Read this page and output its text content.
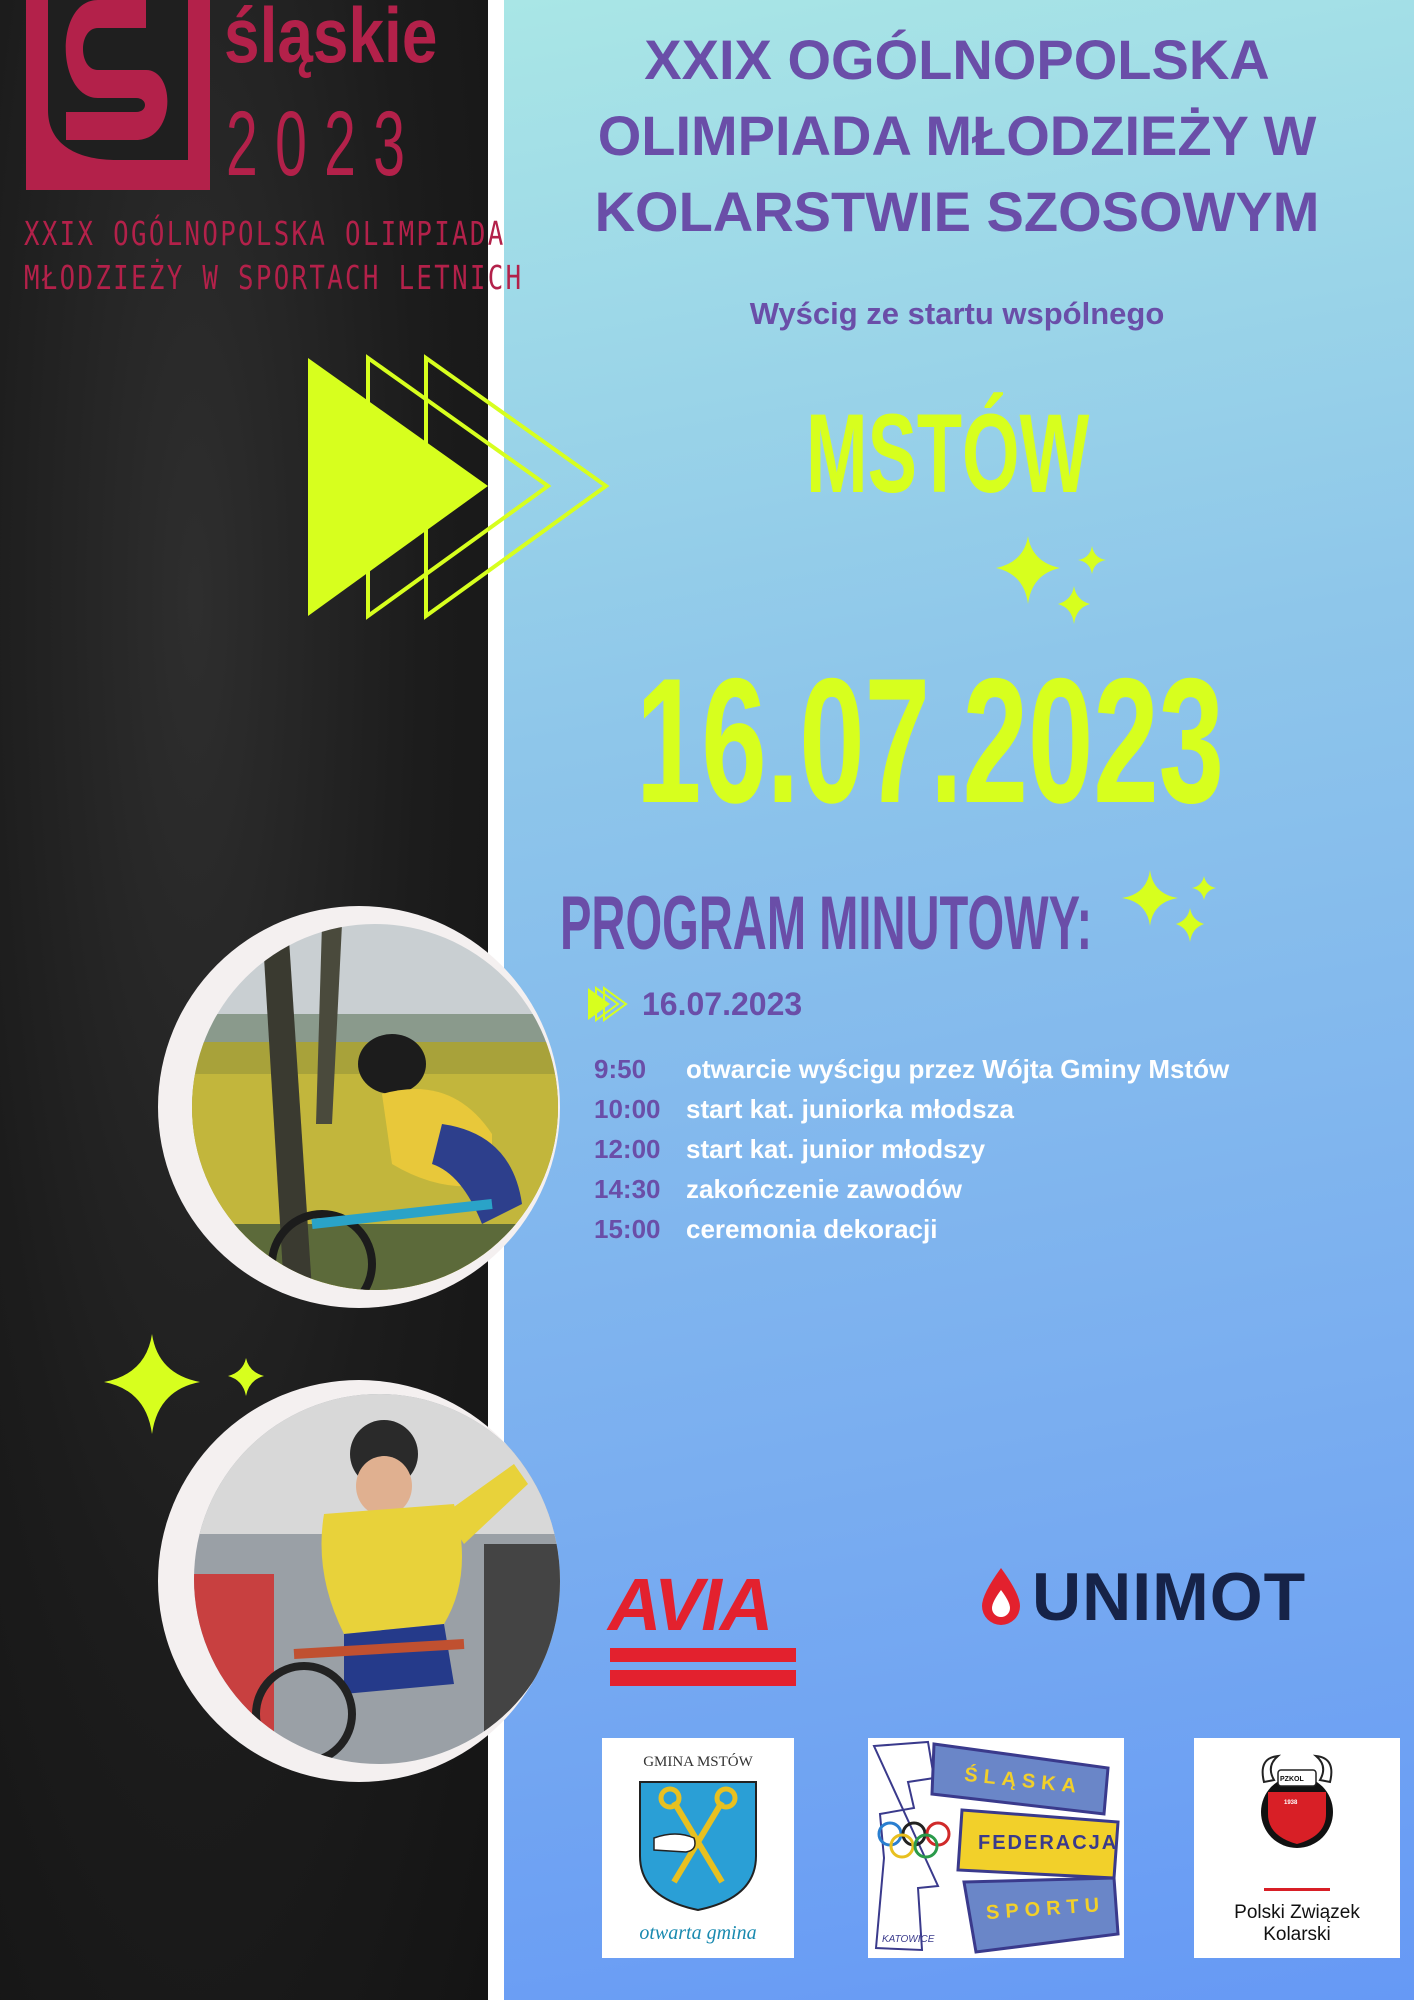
śląskie
2023
XXIX OGÓLNOPOLSKA OLIMPIADA
MŁODZIEŻY W SPORTACH LETNICH
XXIX OGÓLNOPOLSKA
OLIMPIADA MŁODZIEŻY W
KOLARSTWIE SZOSOWYM
Wyścig ze startu wspólnego
MSTÓW
16.07.2023
PROGRAM MINUTOWY:
16.07.2023
9:50 otwarcie wyścigu przez Wójta Gminy Mstów
10:00 start kat. juniorka młodsza
12:00 start kat. junior młodszy
14:30 zakończenie zawodów
15:00 ceremonia dekoracji
AVIA	UNIMOT
GMINA MSTÓW
otwarta gmina
ŚLĄSKA
FEDERACJA
SPORTU
KATOWICE
PZKOL
1938
Polski Związek
Kolarski
